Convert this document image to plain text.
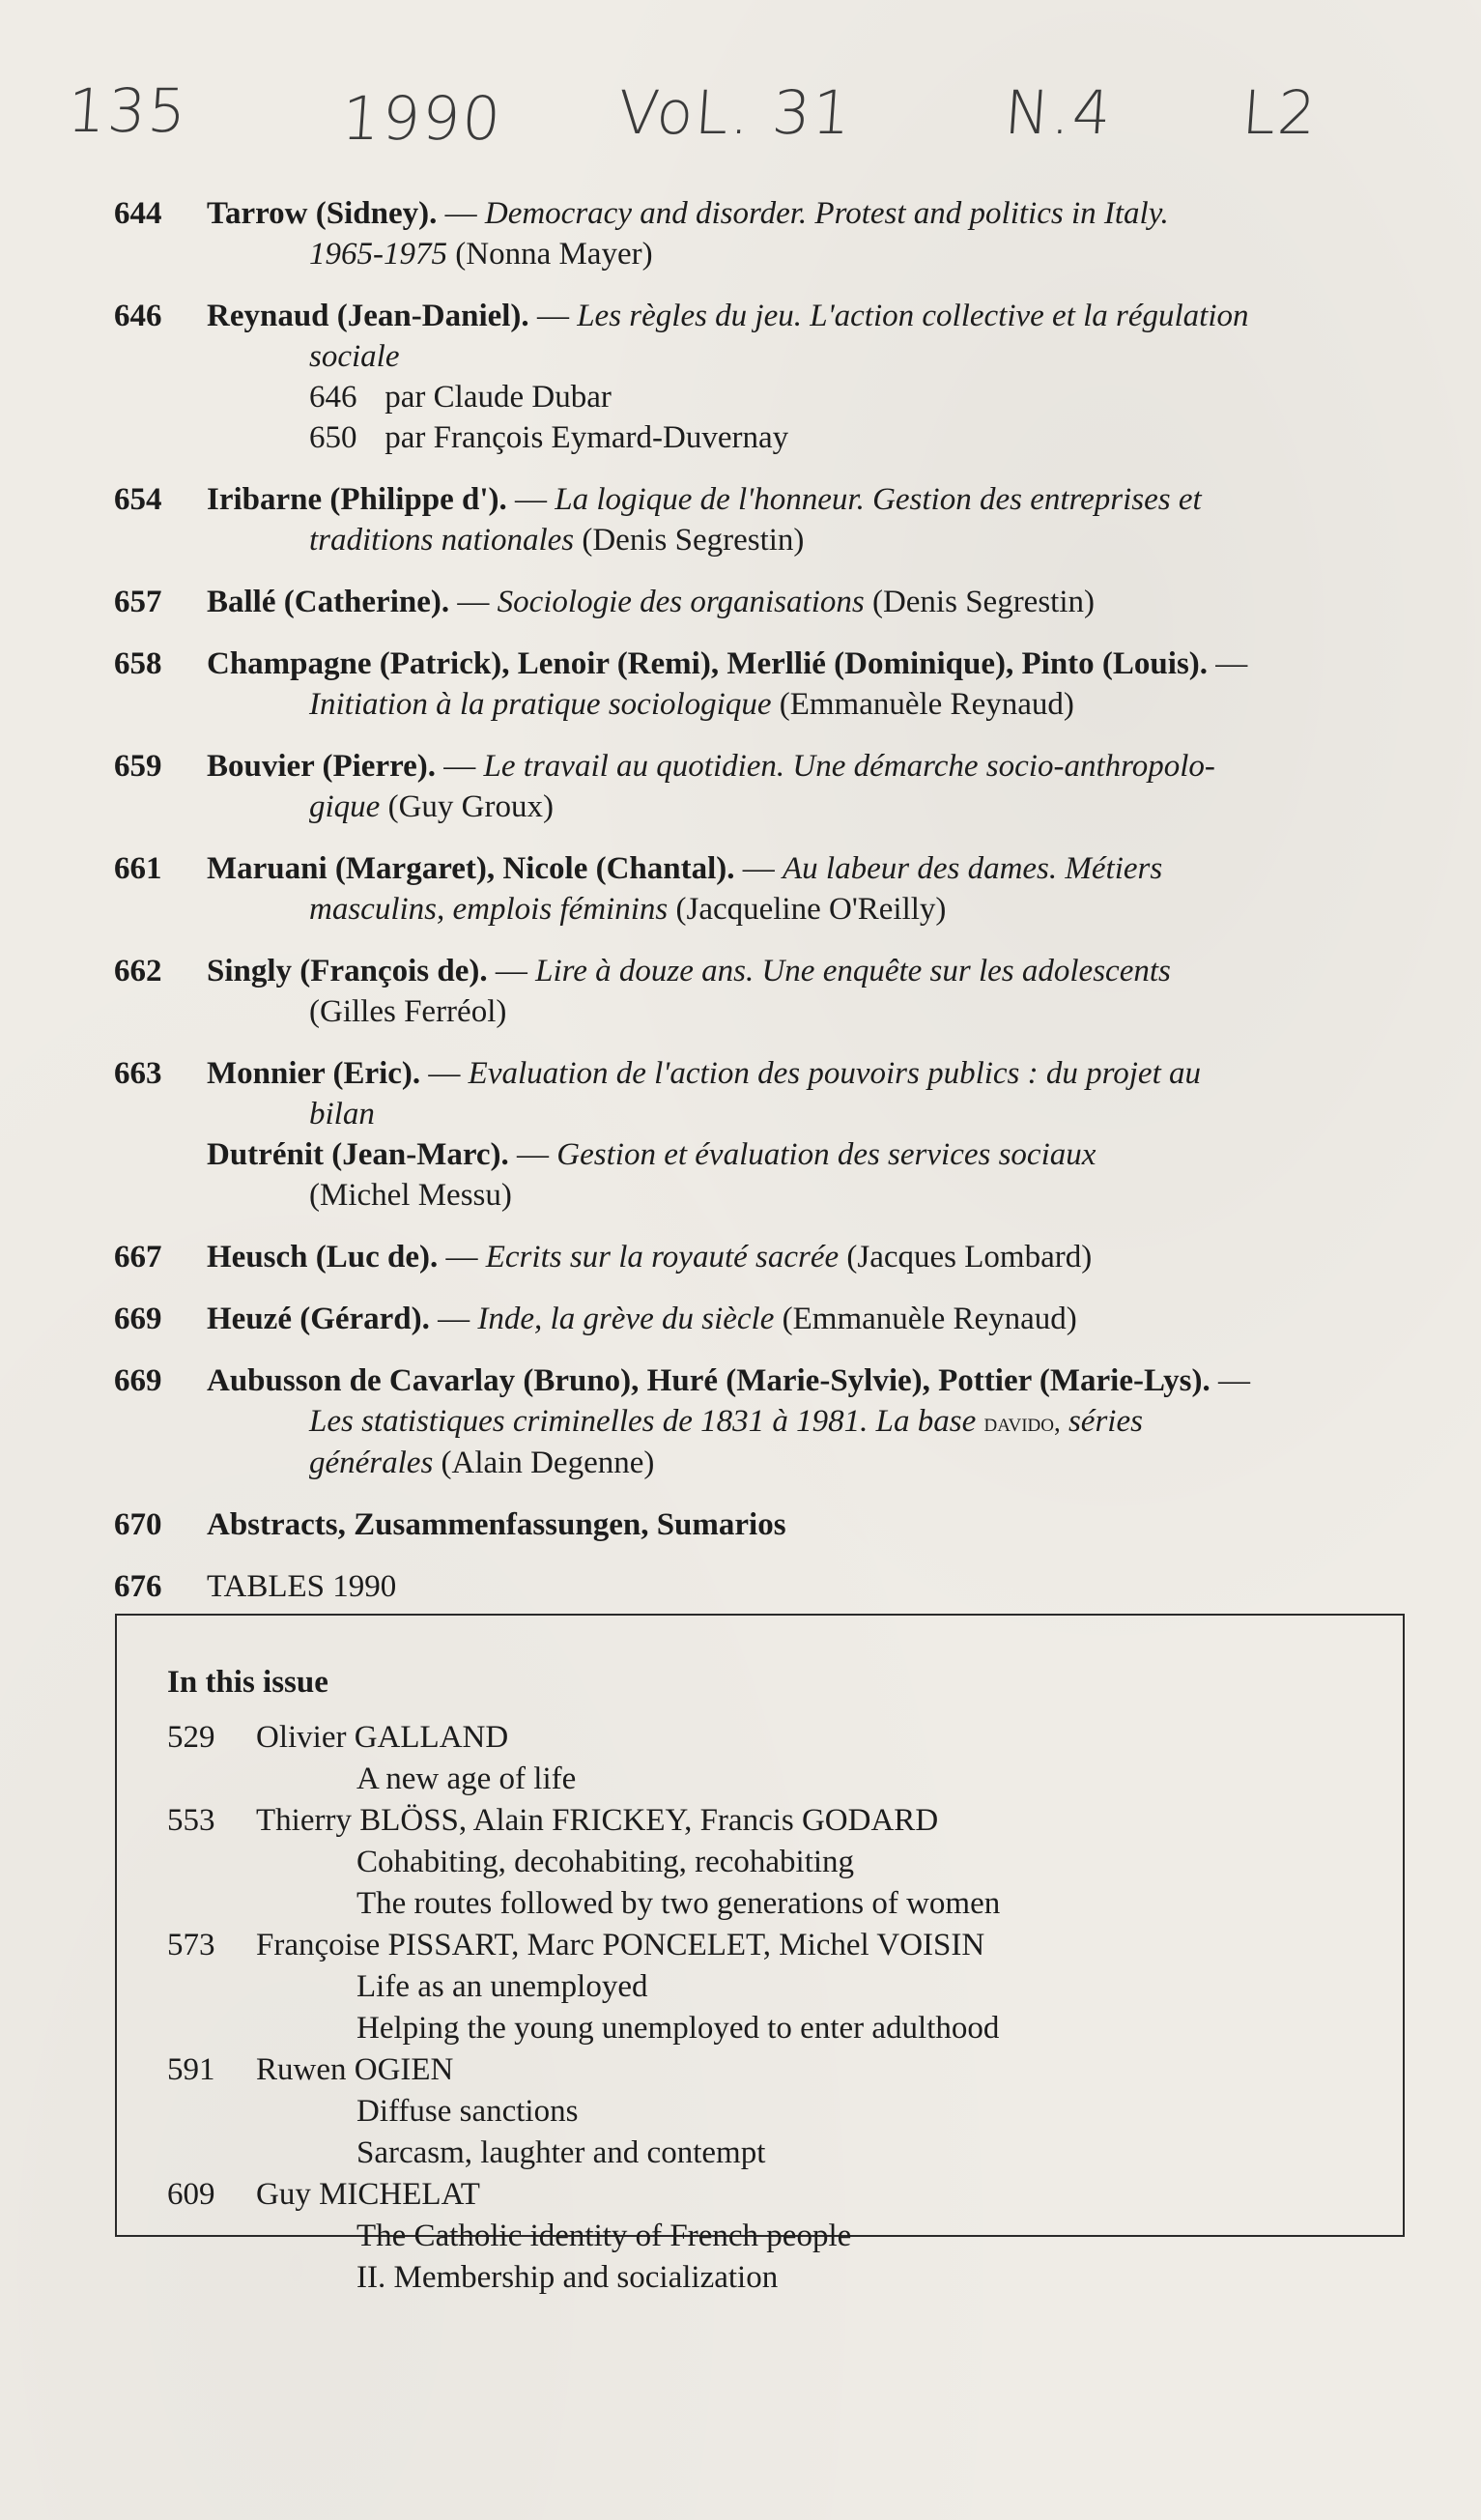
135 1990 VoL. 31 N.4 L2
644	Tarrow (Sidney). — Democracy and disorder. Protest and politics in Italy.
1965-1975 (Nonna Mayer)
646	Reynaud (Jean-Daniel). — Les règles du jeu. L'action collective et la régulation
sociale
646 par Claude Dubar
650 par François Eymard-Duvernay
654	Iribarne (Philippe d'). — La logique de l'honneur. Gestion des entreprises et
traditions nationales (Denis Segrestin)
657	Ballé (Catherine). — Sociologie des organisations (Denis Segrestin)
658	Champagne (Patrick), Lenoir (Remi), Merllié (Dominique), Pinto (Louis). —
Initiation à la pratique sociologique (Emmanuèle Reynaud)
659	Bouvier (Pierre). — Le travail au quotidien. Une démarche socio-anthropolo-
gique (Guy Groux)
661	Maruani (Margaret), Nicole (Chantal). — Au labeur des dames. Métiers
masculins, emplois féminins (Jacqueline O'Reilly)
662	Singly (François de). — Lire à douze ans. Une enquête sur les adolescents
(Gilles Ferréol)
663	Monnier (Eric). — Evaluation de l'action des pouvoirs publics : du projet au
bilan
Dutrénit (Jean-Marc). — Gestion et évaluation des services sociaux
(Michel Messu)
667	Heusch (Luc de). — Ecrits sur la royauté sacrée (Jacques Lombard)
669	Heuzé (Gérard). — Inde, la grève du siècle (Emmanuèle Reynaud)
669	Aubusson de Cavarlay (Bruno), Huré (Marie-Sylvie), Pottier (Marie-Lys). —
Les statistiques criminelles de 1831 à 1981. La base davido, séries
générales (Alain Degenne)
670	Abstracts, Zusammenfassungen, Sumarios
676	TABLES 1990
In this issue
529	Olivier GALLAND
A new age of life
553	Thierry BLÖSS, Alain FRICKEY, Francis GODARD
Cohabiting, decohabiting, recohabiting
The routes followed by two generations of women
573	Françoise PISSART, Marc PONCELET, Michel VOISIN
Life as an unemployed
Helping the young unemployed to enter adulthood
591	Ruwen OGIEN
Diffuse sanctions
Sarcasm, laughter and contempt
609	Guy MICHELAT
The Catholic identity of French people
II. Membership and socialization
